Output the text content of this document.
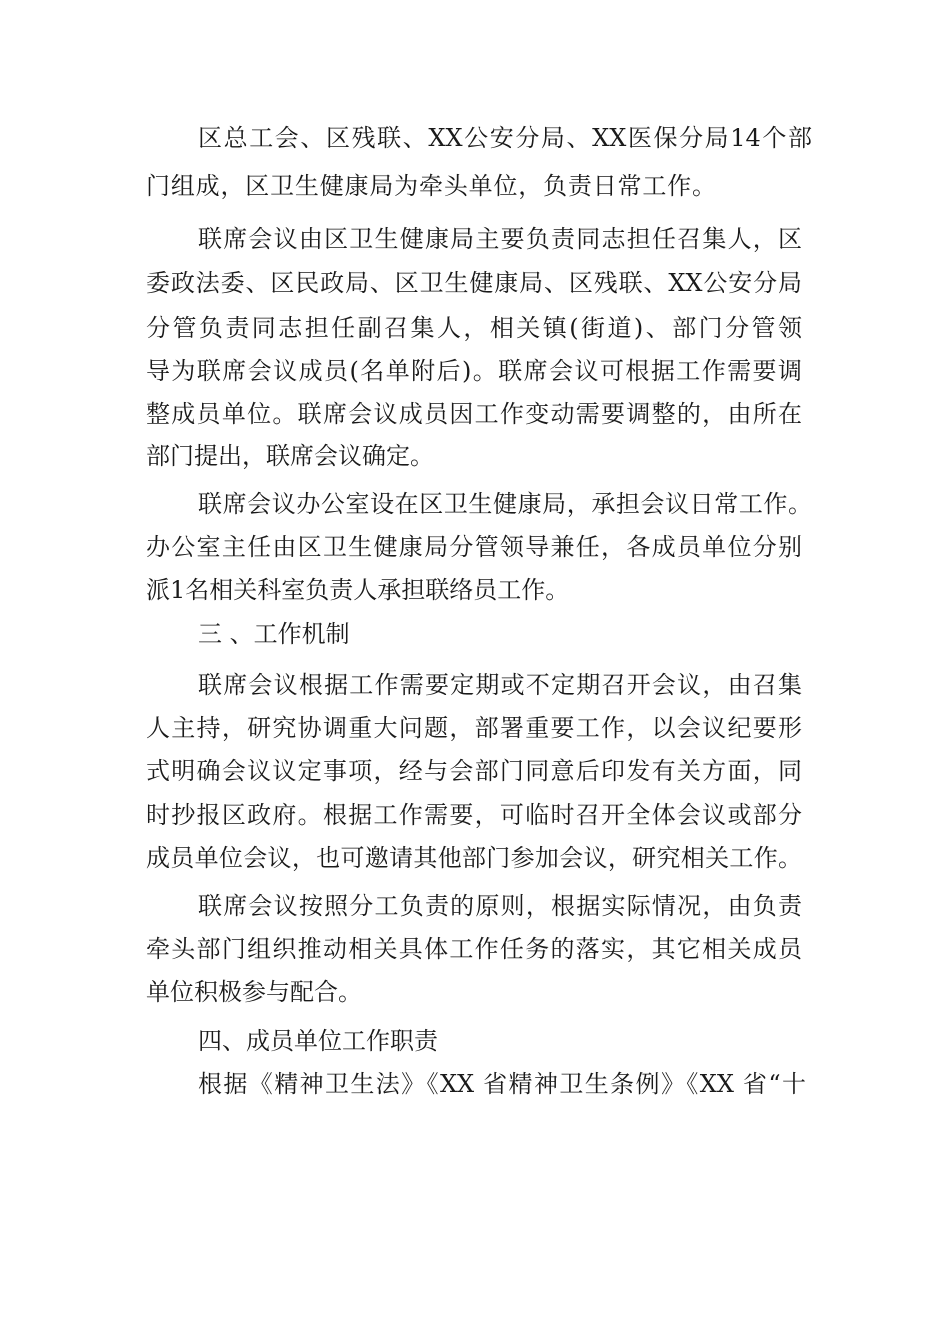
区总工会、区残联、XX公安分局、XX医保分局14个部
门组成，区卫生健康局为牵头单位，负责日常工作。
联席会议由区卫生健康局主要负责同志担任召集人，区
委政法委、区民政局、区卫生健康局、区残联、XX公安分局
分管负责同志担任副召集人，相关镇(街道)、部门分管领
导为联席会议成员(名单附后)。联席会议可根据工作需要调
整成员单位。联席会议成员因工作变动需要调整的，由所在
部门提出，联席会议确定。
联席会议办公室设在区卫生健康局，承担会议日常工作。
办公室主任由区卫生健康局分管领导兼任，各成员单位分别
派1名相关科室负责人承担联络员工作。
三 、工作机制
联席会议根据工作需要定期或不定期召开会议，由召集
人主持，研究协调重大问题，部署重要工作，以会议纪要形
式明确会议议定事项，经与会部门同意后印发有关方面，同
时抄报区政府。根据工作需要，可临时召开全体会议或部分
成员单位会议，也可邀请其他部门参加会议，研究相关工作。
联席会议按照分工负责的原则，根据实际情况，由负责
牵头部门组织推动相关具体工作任务的落实，其它相关成员
单位积极参与配合。
四、成员单位工作职责
根据《精神卫生法》《XX 省精神卫生条例》《XX 省“十
